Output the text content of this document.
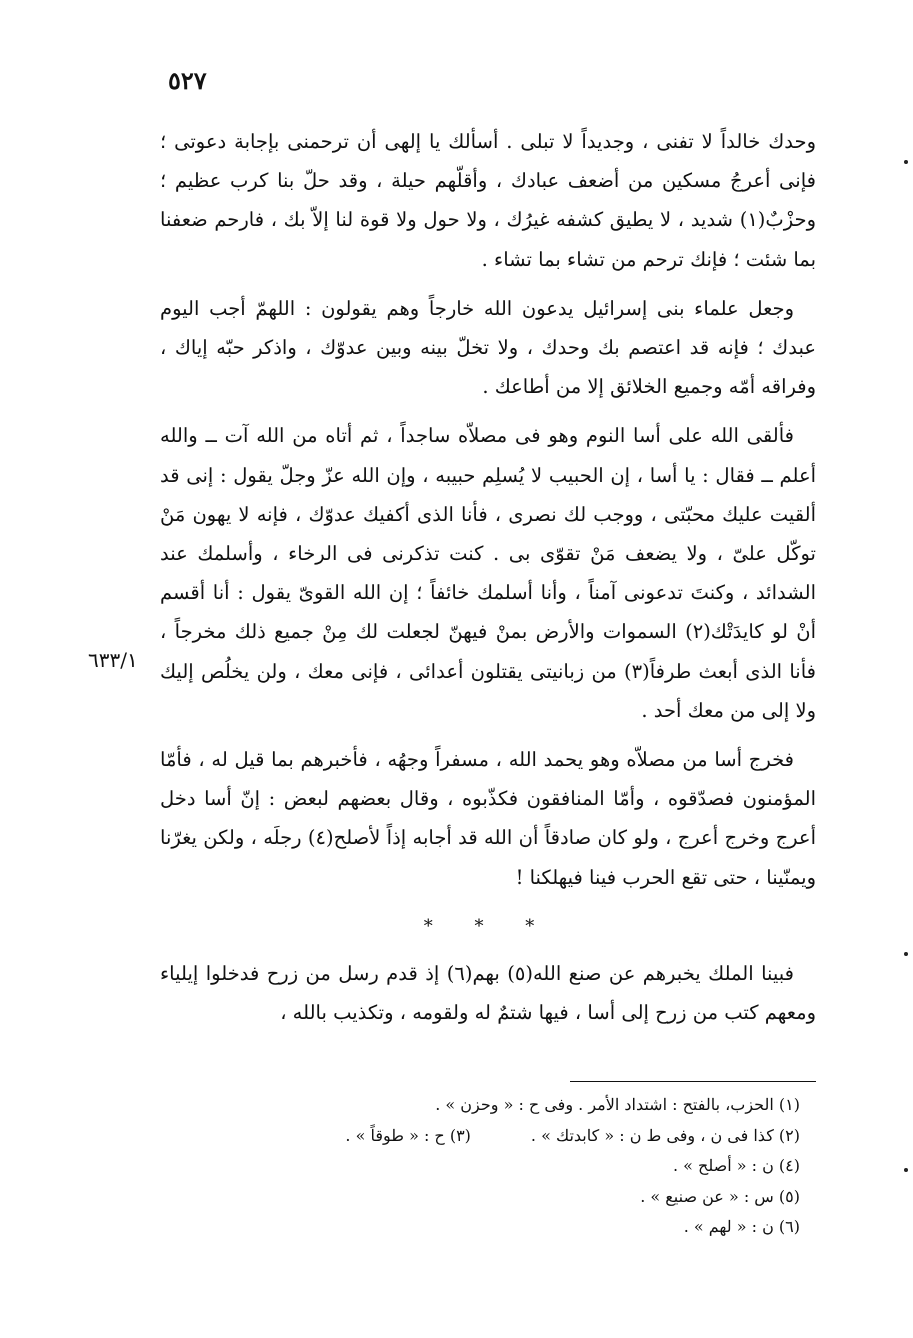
٥٢٧
٦٣٣/١

وحدك خالداً لا تفنى ، وجديداً لا تبلى . أسألك يا إلهى أن ترحمنى بإجابة دعوتى ؛ فإنى أعرجُ مسكين من أضعف عبادك ، وأقلّهم حيلة ، وقد حلّ بنا كرب عظيم ؛ وحزْبٌ(١) شديد ، لا يطيق كشفه غيرُك ، ولا حول ولا قوة لنا إلاّ بك ، فارحم ضعفنا بما شئت ؛ فإنك ترحم من تشاء بما تشاء .

وجعل علماء بنى إسرائيل يدعون الله خارجاً وهم يقولون : اللهمّ أجب اليوم عبدك ؛ فإنه قد اعتصم بك وحدك ، ولا تخلّ بينه وبين عدوّك ، واذكر حبّه إياك ، وفراقه أمّه وجميع الخلائق إلا من أطاعك .

فألقى الله على أسا النوم وهو فى مصلاّه ساجداً ، ثم أتاه من الله آت ــ والله أعلم ــ فقال : يا أسا ، إن الحبيب لا يُسلِم حبيبه ، وإن الله عزّ وجلّ يقول : إنى قد ألقيت عليك محبّتى ، ووجب لك نصرى ، فأنا الذى أكفيك عدوّك ، فإنه لا يهون مَنْ توكّل علىّ ، ولا يضعف مَنْ تقوّى بى . كنت تذكرنى فى الرخاء ، وأسلمك عند الشدائد ، وكنتَ تدعونى آمناً ، وأنا أسلمك خائفاً ؛ إن الله القوىّ يقول : أنا أقسم أنْ لو كايدَتْك(٢) السموات والأرض بمنْ فيهنّ لجعلت لك مِنْ جميع ذلك مخرجاً ، فأنا الذى أبعث طرفاً(٣) من زبانيتى يقتلون أعدائى ، فإنى معك ، ولن يخلُص إليك ولا إلى من معك أحد .

فخرج أسا من مصلاّه وهو يحمد الله ، مسفراً وجهُه ، فأخبرهم بما قيل له ، فأمّا المؤمنون فصدّقوه ، وأمّا المنافقون فكذّبوه ، وقال بعضهم لبعض : إنّ أسا دخل أعرج وخرج أعرج ، ولو كان صادقاً أن الله قد أجابه إذاً لأصلح(٤) رجلَه ، ولكن يغرّنا ويمنّينا ، حتى تقع الحرب فينا فيهلكنا !

* * *

فبينا الملك يخبرهم عن صنع الله(٥) بهم(٦) إذ قدم رسل من زرح فدخلوا إيلياء ومعهم كتب من زرح إلى أسا ، فيها شتمٌ له ولقومه ، وتكذيب بالله ،

(١) الحزب، بالفتح : اشتداد الأمر . وفى ح : « وحزن » .
(٢) كذا فى ن ، وفى ط ن : « كابدتك » .
(٣) ح : « طوقاً » .
(٤) ن : « أصلح » .
(٥) س : « عن صنيع » .
(٦) ن : « لهم » .
